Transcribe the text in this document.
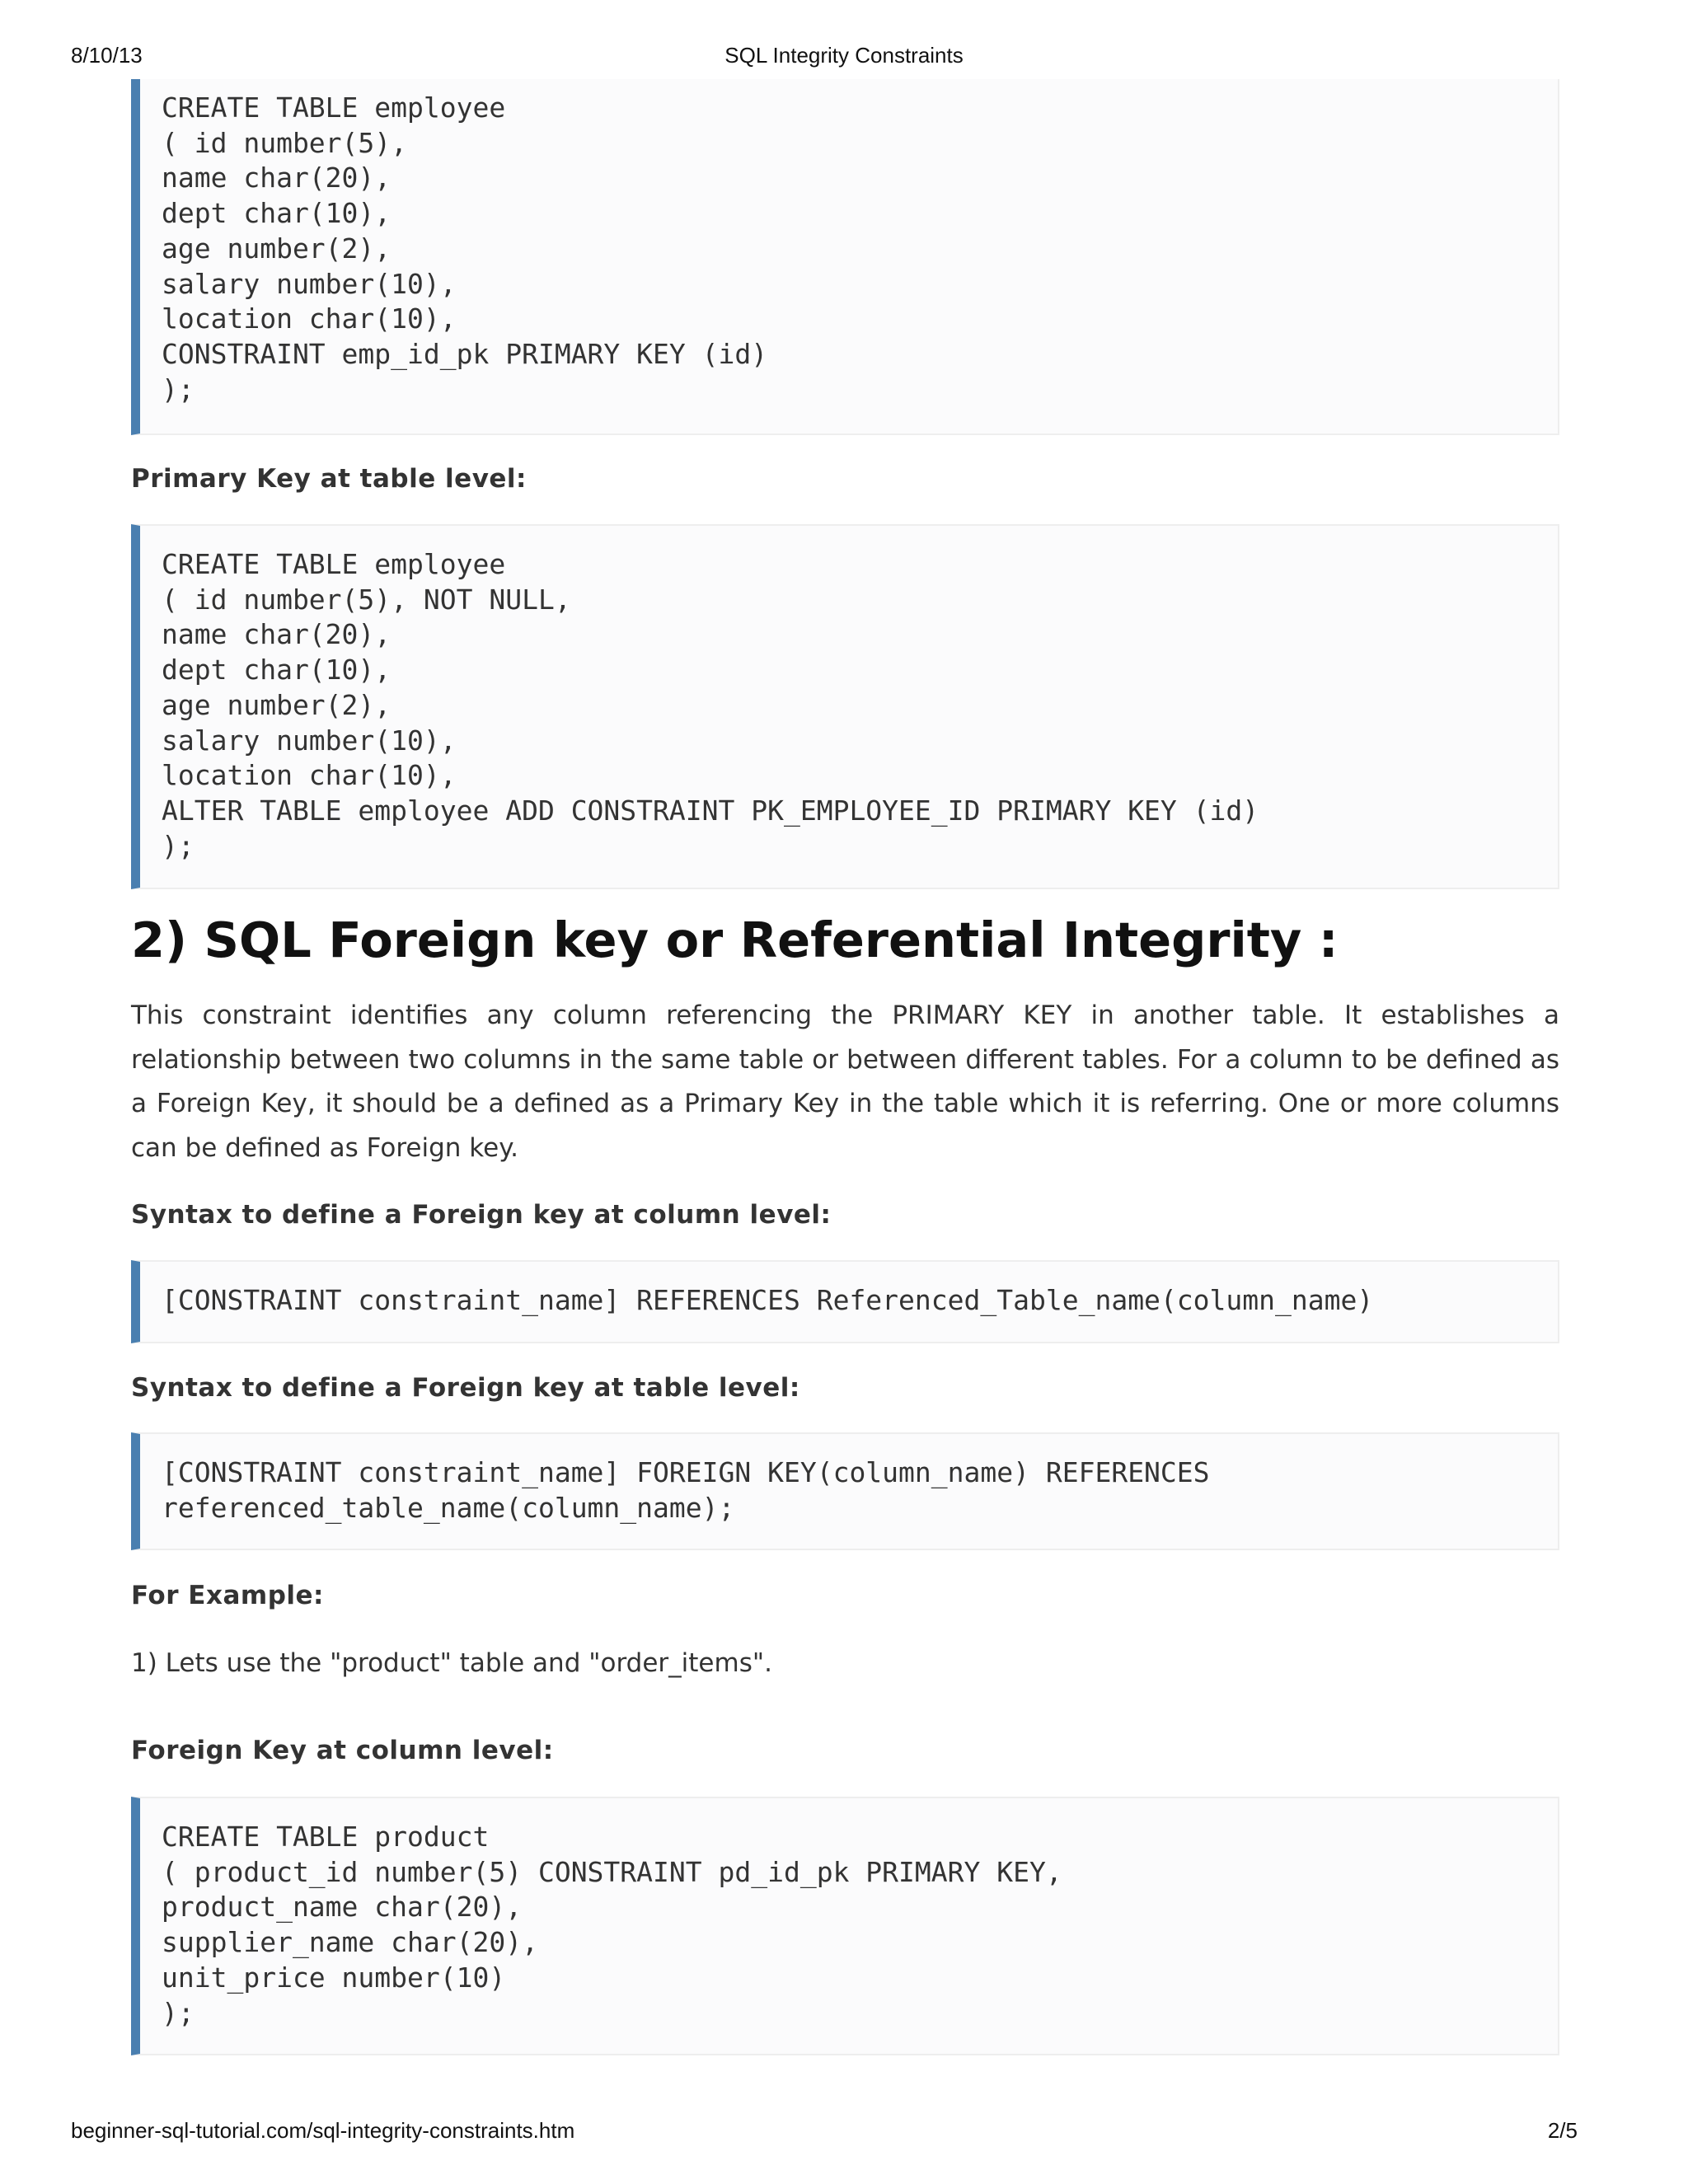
8/10/13	SQL Integrity Constraints
CREATE TABLE employee
( id number(5),
name char(20),
dept char(10),
age number(2),
salary number(10),
location char(10),
CONSTRAINT emp_id_pk PRIMARY KEY (id)
);
Primary Key at table level:
CREATE TABLE employee
( id number(5), NOT NULL,
name char(20),
dept char(10),
age number(2),
salary number(10),
location char(10),
ALTER TABLE employee ADD CONSTRAINT PK_EMPLOYEE_ID PRIMARY KEY (id)
);
2) SQL Foreign key or Referential Integrity :

This constraint identifies any column referencing the PRIMARY KEY in another table. It establishes a relationship between two columns in the same table or between different tables. For a column to be defined as a Foreign Key, it should be a defined as a Primary Key in the table which it is referring. One or more columns can be defined as Foreign key.

Syntax to define a Foreign key at column level:
[CONSTRAINT constraint_name] REFERENCES Referenced_Table_name(column_name)
Syntax to define a Foreign key at table level:
[CONSTRAINT constraint_name] FOREIGN KEY(column_name) REFERENCES
referenced_table_name(column_name);
For Example:

1) Lets use the "product" table and "order_items".

Foreign Key at column level:
CREATE TABLE product
( product_id number(5) CONSTRAINT pd_id_pk PRIMARY KEY,
product_name char(20),
supplier_name char(20),
unit_price number(10)
);
beginner-sql-tutorial.com/sql-integrity-constraints.htm	2/5
